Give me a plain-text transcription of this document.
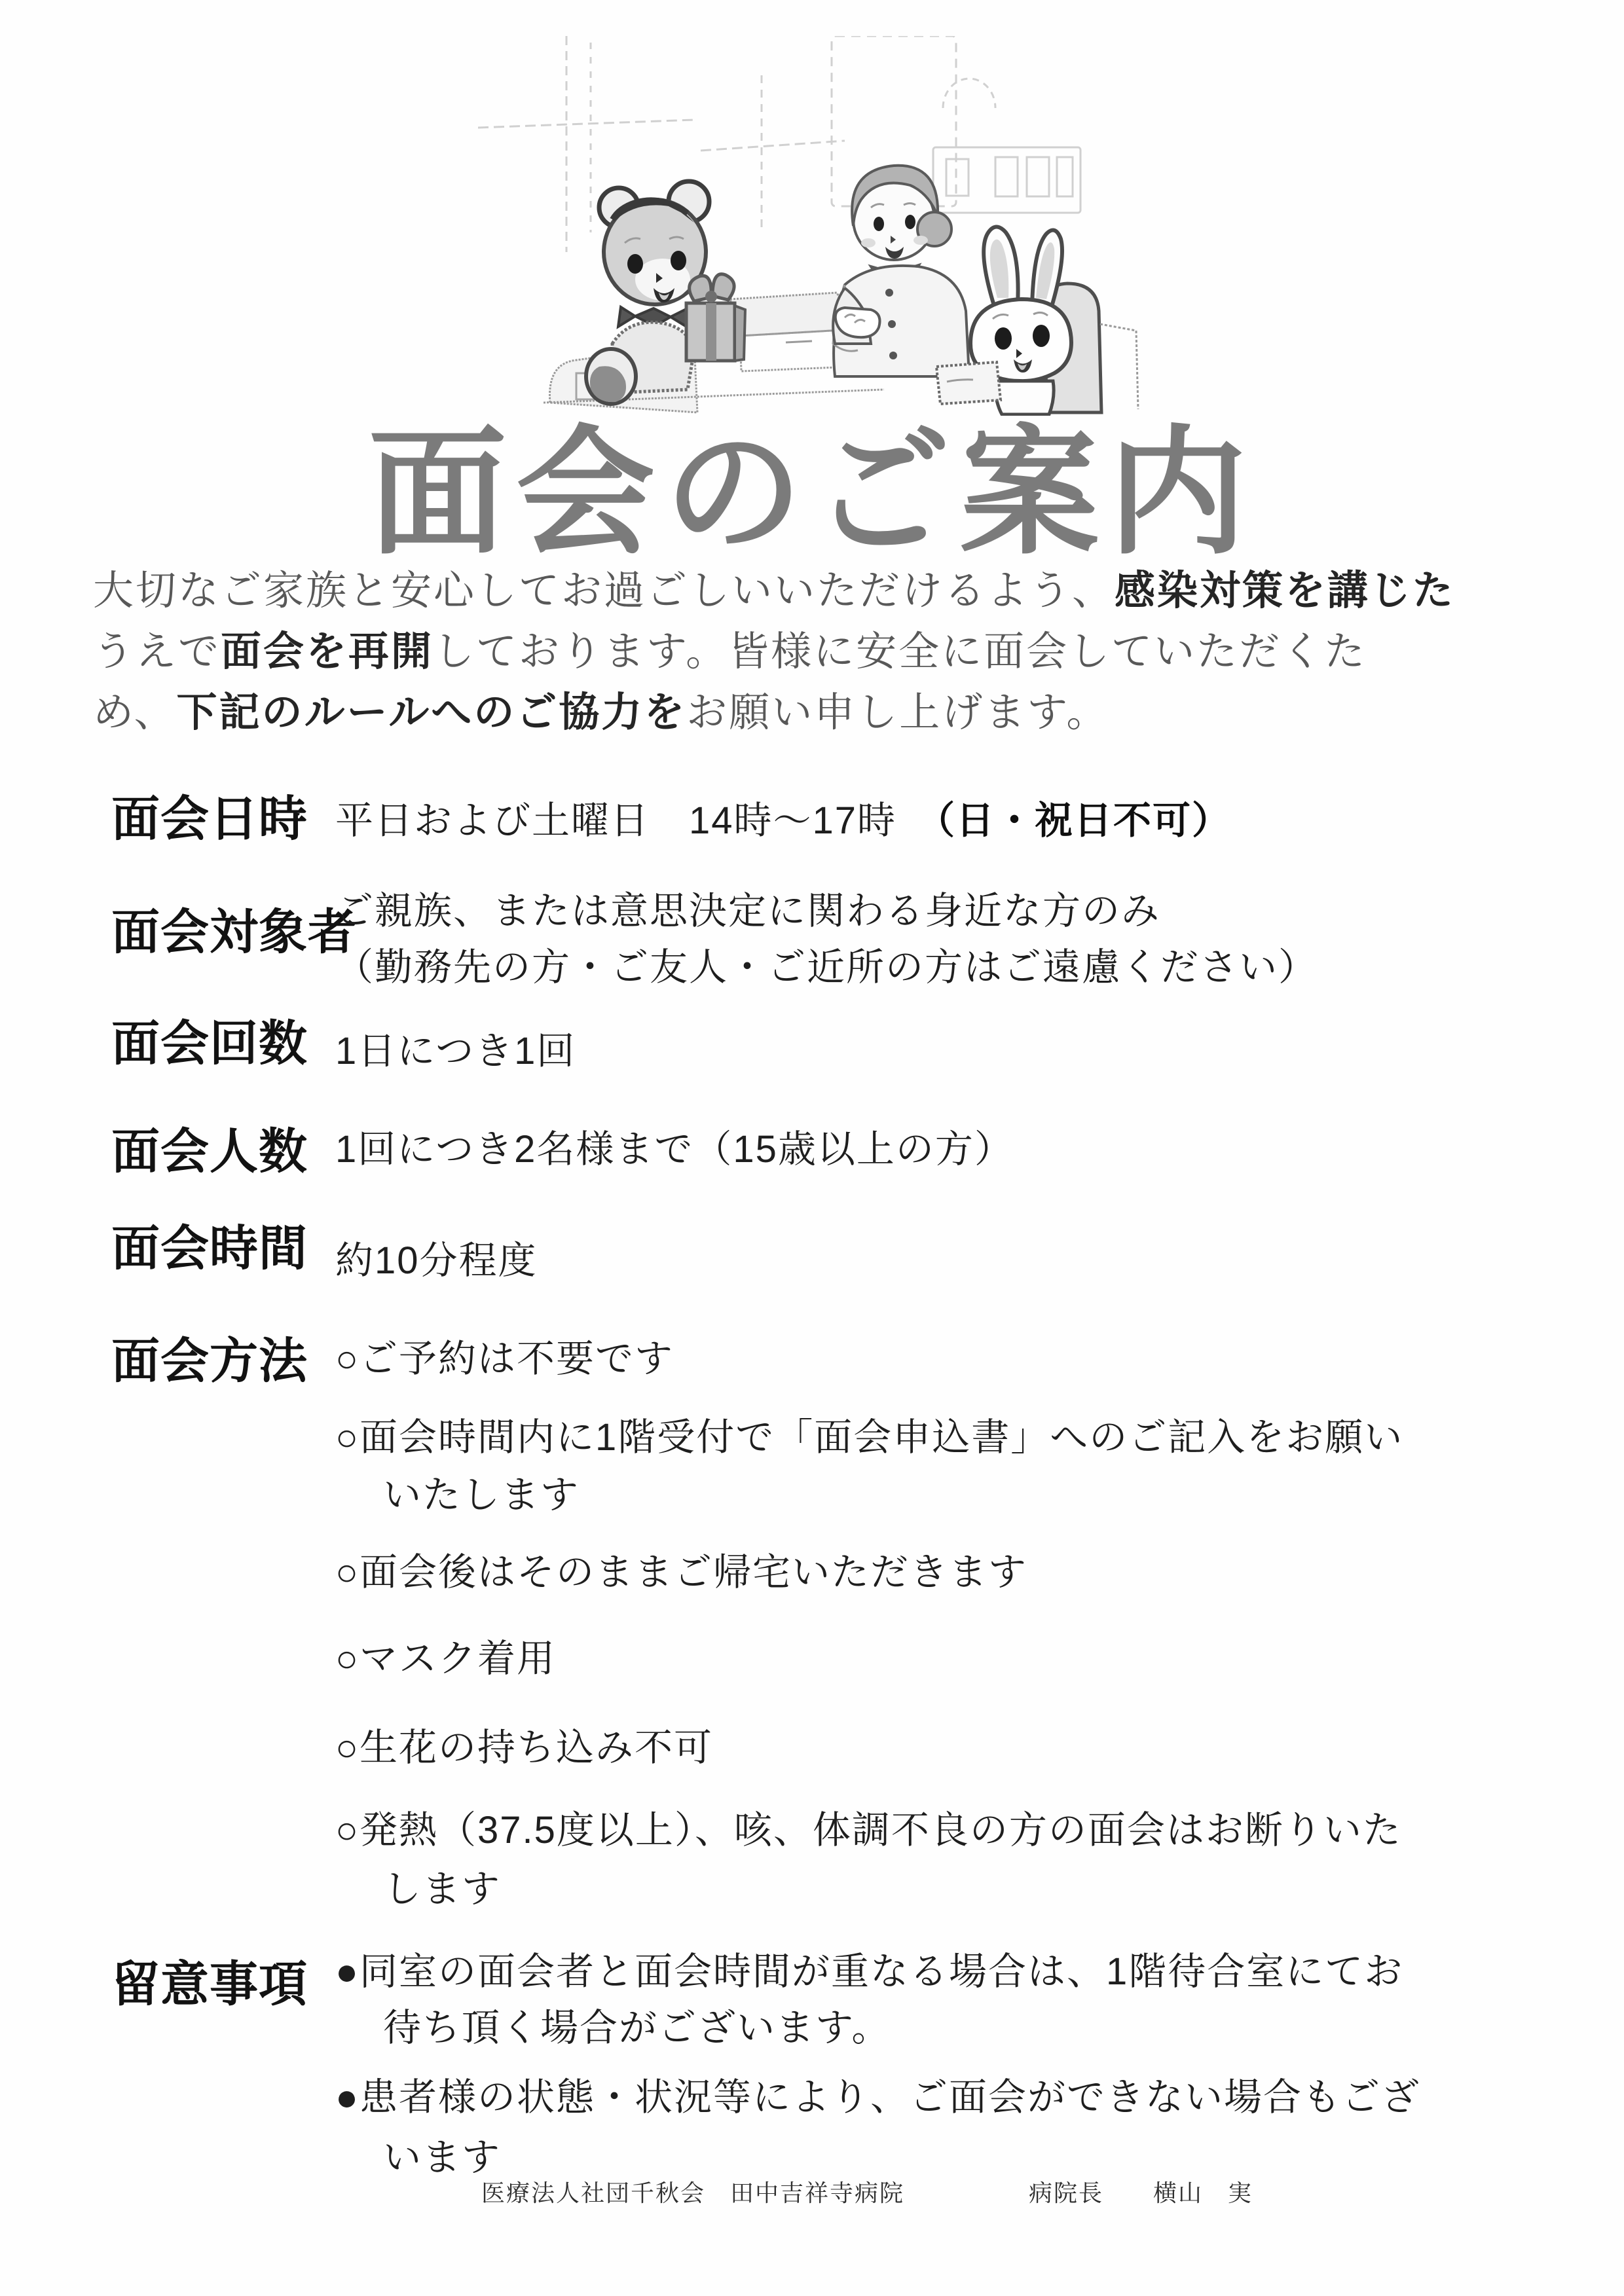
面会のご案内
大切なご家族と安心してお過ごしいいただけるよう、感染対策を講じた
うえで面会を再開しております。皆様に安全に面会していただくた
め、下記のルールへのご協力をお願い申し上げます。
面会日時 平日および土曜日　14時～17時　（日・祝日不可）
面会対象者
ご親族、または意思決定に関わる身近な方のみ
（勤務先の方・ご友人・ご近所の方はご遠慮ください）
面会回数 1日につき1回
面会人数 1回につき2名様まで（15歳以上の方）
面会時間 約10分程度
面会方法 ○ご予約は不要です
○面会時間内に1階受付で「面会申込書」へのご記入をお願い
いたします
○面会後はそのままご帰宅いただきます
○マスク着用
○生花の持ち込み不可
○発熱（37.5度以上）、咳、体調不良の方の面会はお断りいた
します
留意事項 ●同室の面会者と面会時間が重なる場合は、1階待合室にてお
待ち頂く場合がございます。
●患者様の状態・状況等により、ご面会ができない場合もござ
います
医療法人社団千秋会　田中吉祥寺病院　　　　　病院長　　横山　実
